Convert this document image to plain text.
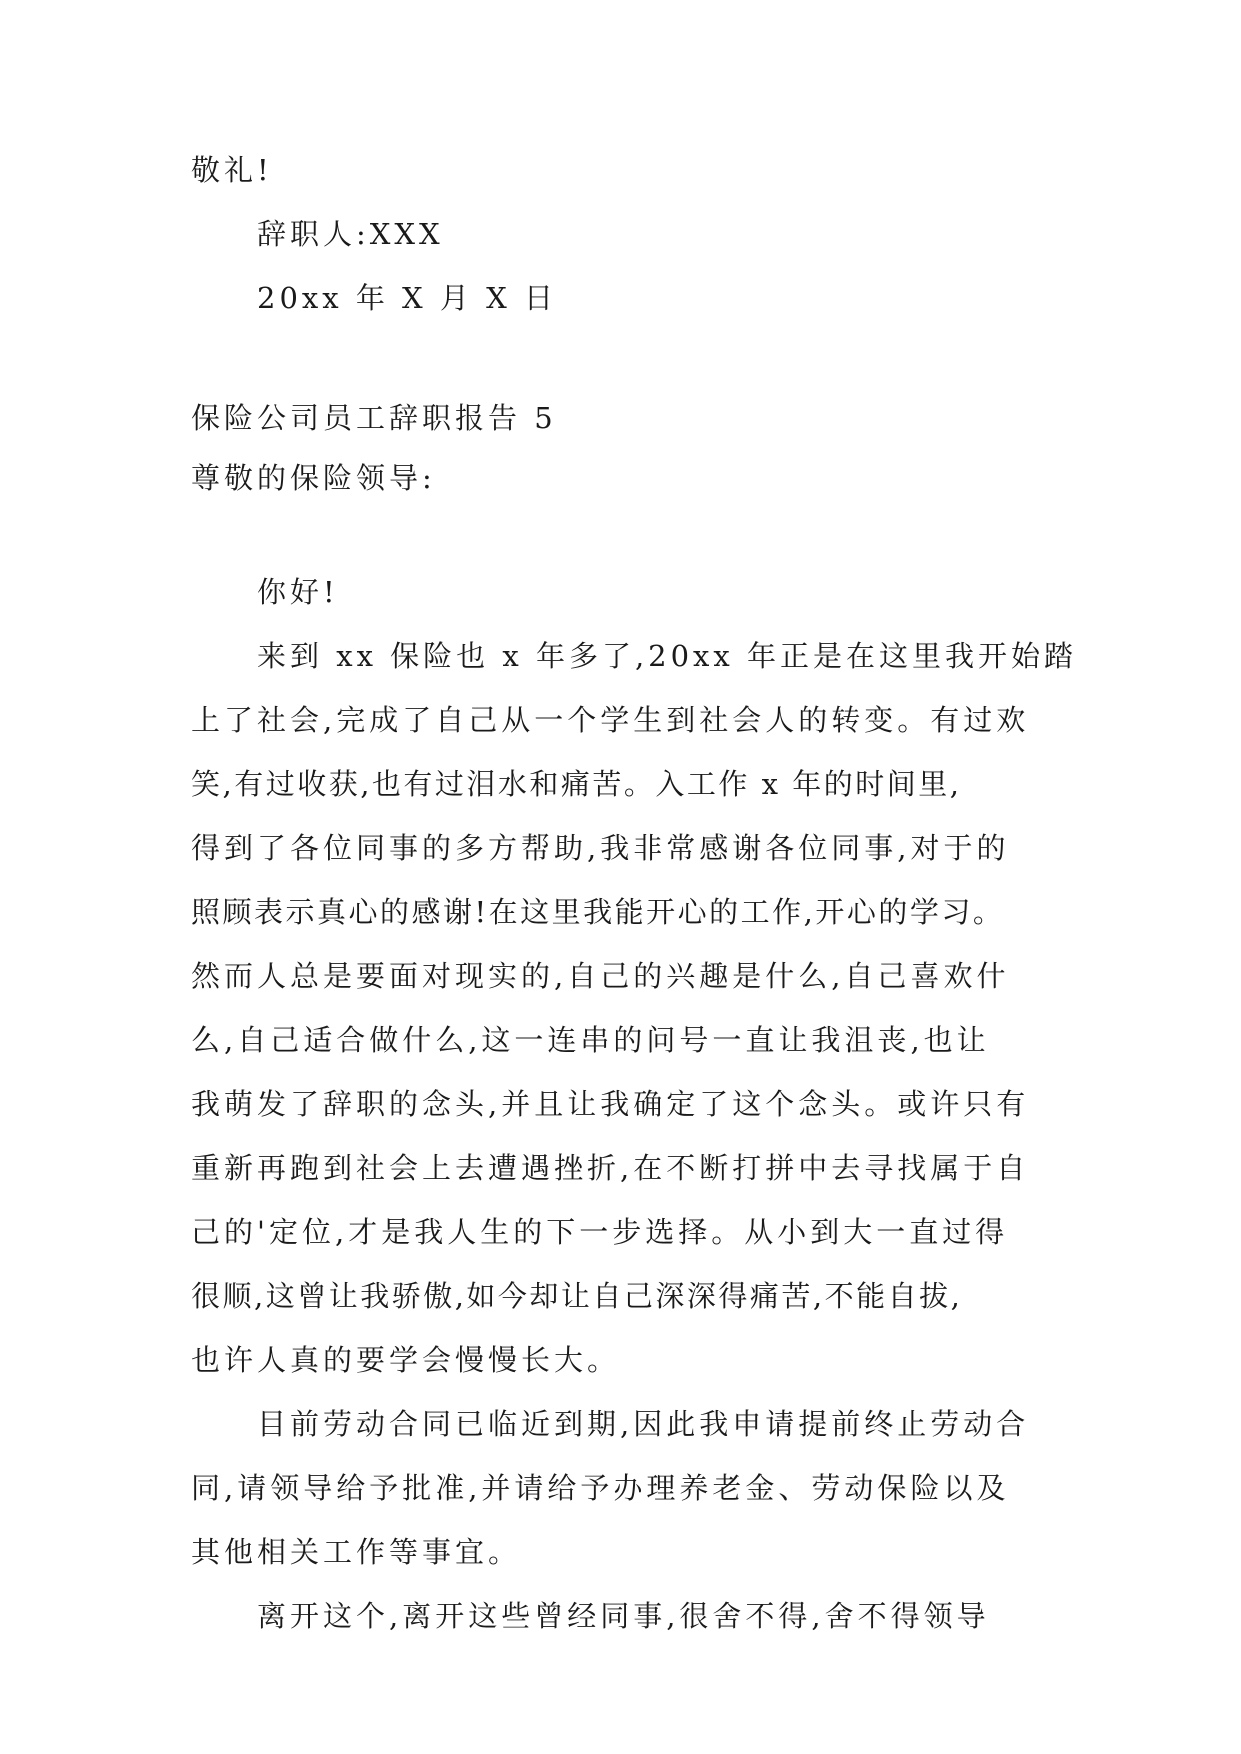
敬礼!
辞职人:XXX
20xx 年 X 月 X 日
保险公司员工辞职报告 5
尊敬的保险领导:
你好!
来到 xx 保险也 x 年多了,20xx 年正是在这里我开始踏
上了社会,完成了自己从一个学生到社会人的转变。有过欢
笑,有过收获,也有过泪水和痛苦。入工作 x 年的时间里,
得到了各位同事的多方帮助,我非常感谢各位同事,对于的
照顾表示真心的感谢!在这里我能开心的工作,开心的学习。
然而人总是要面对现实的,自己的兴趣是什么,自己喜欢什
么,自己适合做什么,这一连串的问号一直让我沮丧,也让
我萌发了辞职的念头,并且让我确定了这个念头。或许只有
重新再跑到社会上去遭遇挫折,在不断打拼中去寻找属于自
己的'定位,才是我人生的下一步选择。从小到大一直过得
很顺,这曾让我骄傲,如今却让自己深深得痛苦,不能自拔,
也许人真的要学会慢慢长大。
目前劳动合同已临近到期,因此我申请提前终止劳动合
同,请领导给予批准,并请给予办理养老金、劳动保险以及
其他相关工作等事宜。
离开这个,离开这些曾经同事,很舍不得,舍不得领导
